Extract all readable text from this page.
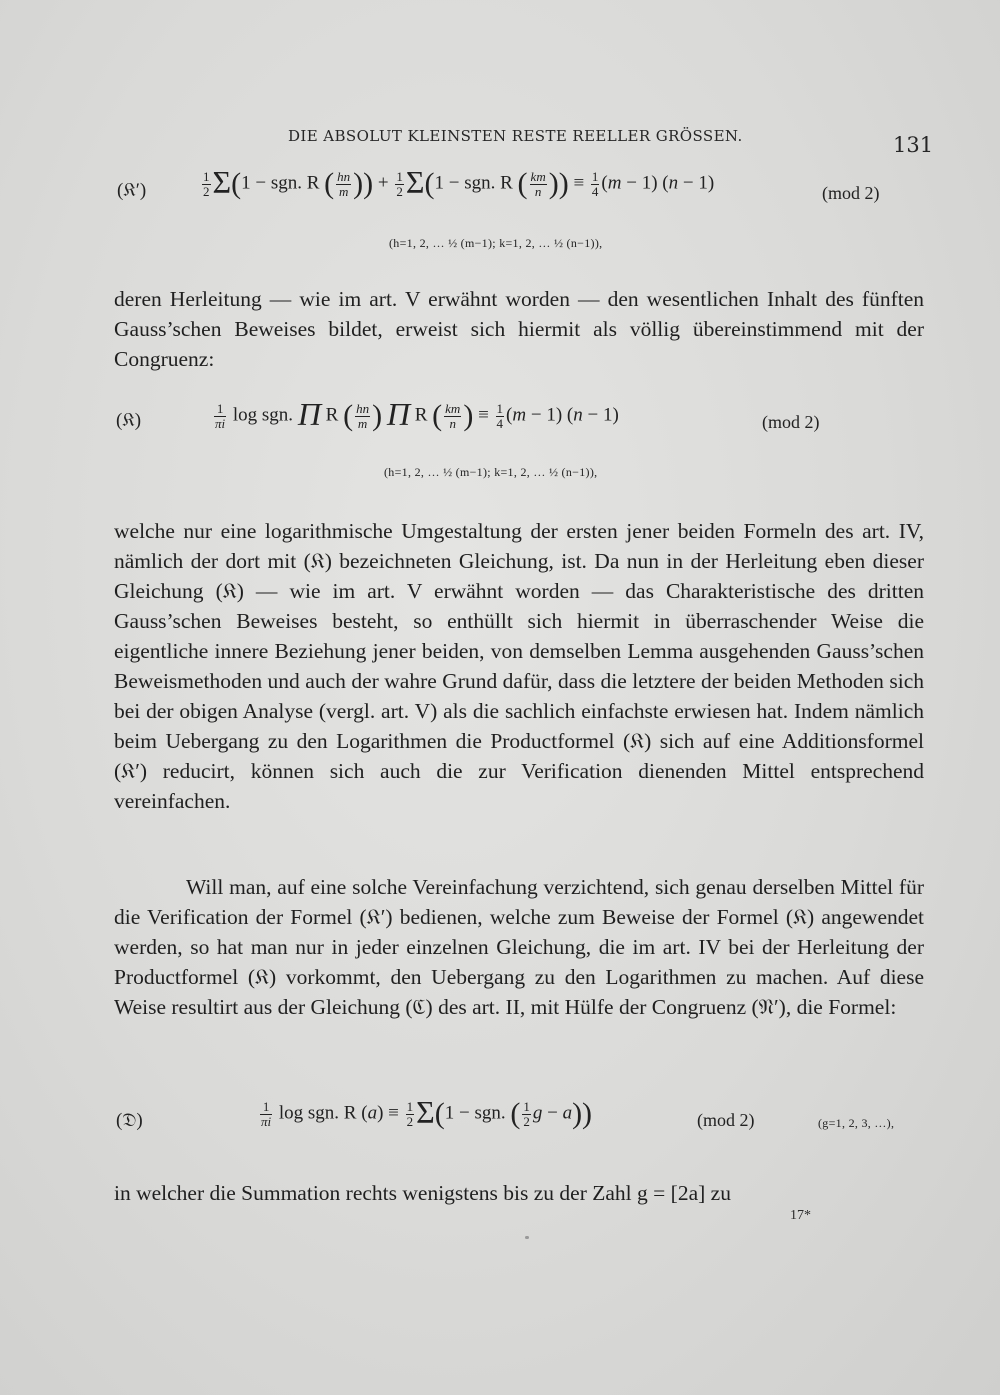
DIE ABSOLUT KLEINSTEN RESTE REELLER GRÖSSEN.	131
(𝔎′)	$\frac{1}{2} \Sigma(1$ − sgn. R ( $\frac{hn}{m}$ )) + $\frac{1}{2} \Sigma(1$ − sgn. R ( $\frac{km}{n}$ )) ≡ $\frac{1}{4} (m - 1) (n - 1)$	(mod 2)
(h=1, 2, … ½ (m−1); k=1, 2, … ½ (n−1)),

deren Herleitung — wie im art. V erwähnt worden — den wesentlichen Inhalt des fünften Gauss’schen Beweises bildet, erweist sich hiermit als völlig übereinstimmend mit der Congruenz:

(𝔎)	$\frac{1}{\pi i}$ log sgn. Π R ( $\frac{hn}{m}$ ) Π R ( $\frac{km}{n}$ ) ≡ $\frac{1}{4} (m - 1) (n - 1)$	(mod 2)
(h=1, 2, … ½ (m−1); k=1, 2, … ½ (n−1)),

welche nur eine logarithmische Umgestaltung der ersten jener beiden Formeln des art. IV, nämlich der dort mit (𝔎) bezeichneten Gleichung, ist. Da nun in der Herleitung eben dieser Gleichung (𝔎) — wie im art. V erwähnt worden — das Charakteristische des dritten Gauss’schen Beweises besteht, so enthüllt sich hiermit in überraschender Weise die eigentliche innere Beziehung jener beiden, von demselben Lemma ausgehenden Gauss’schen Beweismethoden und auch der wahre Grund dafür, dass die letztere der beiden Methoden sich bei der obigen Analyse (vergl. art. V) als die sachlich einfachste erwiesen hat. Indem nämlich beim Uebergang zu den Logarithmen die Productformel (𝔎) sich auf eine Additionsformel (𝔎′) reducirt, können sich auch die zur Verification dienenden Mittel entsprechend vereinfachen.

Will man, auf eine solche Vereinfachung verzichtend, sich genau derselben Mittel für die Verification der Formel (𝔎′) bedienen, welche zum Beweise der Formel (𝔎) angewendet werden, so hat man nur in jeder einzelnen Gleichung, die im art. IV bei der Herleitung der Productformel (𝔎) vorkommt, den Uebergang zu den Logarithmen zu machen. Auf diese Weise resultirt aus der Gleichung (ℭ) des art. II, mit Hülfe der Congruenz (𝔑′), die Formel:

(𝔇)	$\frac{1}{\pi i}$ log sgn. R $(a) \equiv \frac{1}{2} \Sigma(1$ − sgn. ( $\frac{1}{2}$ g − a))	(mod 2)	(g=1, 2, 3, …),

in welcher die Summation rechts wenigstens bis zu der Zahl g = [2a] zu

17*
